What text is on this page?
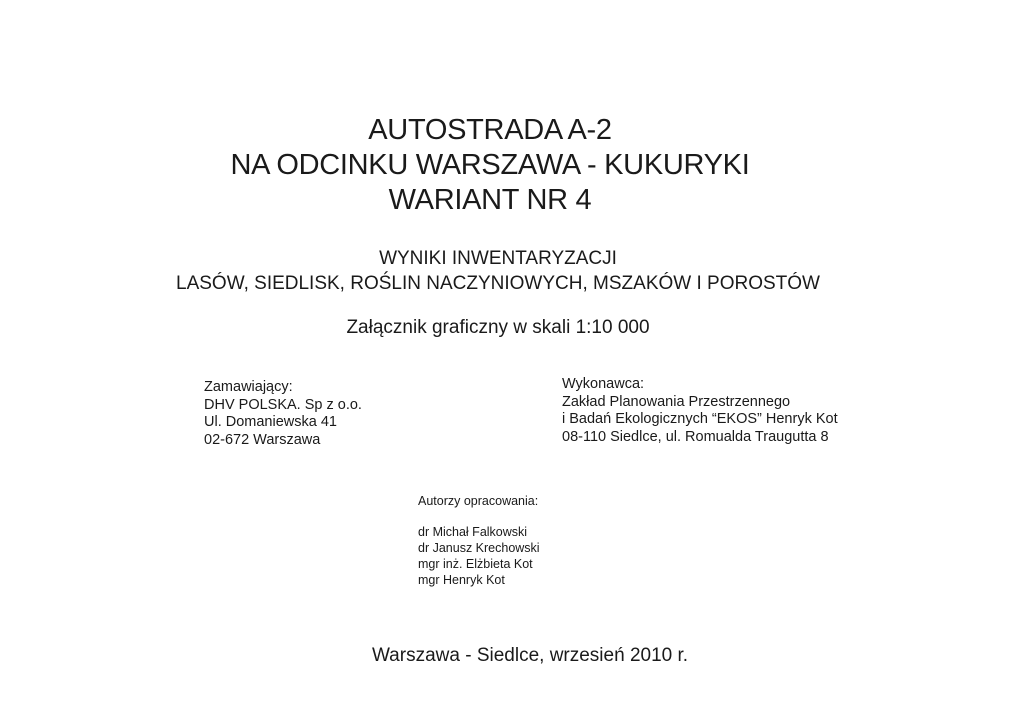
AUTOSTRADA A-2
NA ODCINKU WARSZAWA - KUKURYKI
WARIANT NR 4
WYNIKI INWENTARYZACJI
LASÓW, SIEDLISK, ROŚLIN NACZYNIOWYCH, MSZAKÓW I POROSTÓW
Załącznik graficzny w skali 1:10 000
Zamawiający:
DHV POLSKA. Sp z o.o.
Ul. Domaniewska 41
02-672 Warszawa
Wykonawca:
Zakład Planowania Przestrzennego
i Badań Ekologicznych “EKOS” Henryk Kot
08-110 Siedlce, ul. Romualda Traugutta 8
Autorzy opracowania:
dr Michał Falkowski
dr Janusz Krechowski
mgr inż. Elżbieta Kot
mgr Henryk Kot
Warszawa - Siedlce, wrzesień 2010 r.
